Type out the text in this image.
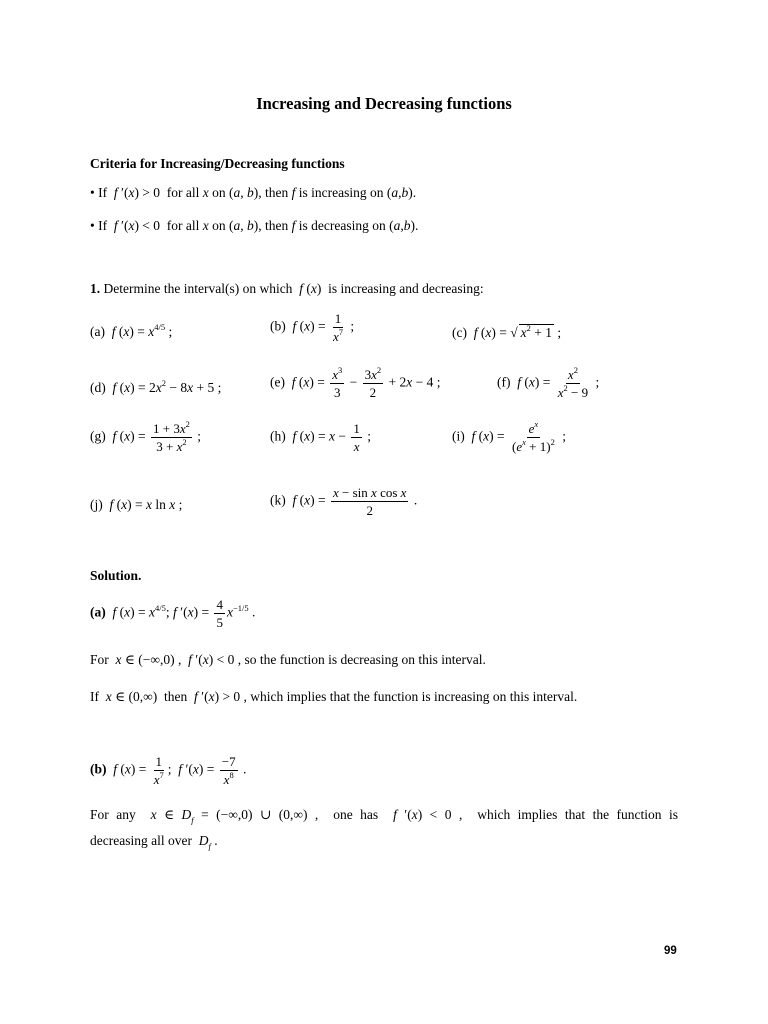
Increasing and Decreasing functions
Criteria for Increasing/Decreasing functions
• If  f ′(x) > 0  for all x on (a, b), then f is increasing on (a,b).
• If  f ′(x) < 0  for all x on (a, b), then f is decreasing on (a,b).
1. Determine the interval(s) on which  f (x)  is increasing and decreasing:
(a)  f $(x) = x^{4/5}$ ;	(b)  f $(x) = \frac{1}{x^7}$ ;	(c)  f (x) = √ $x^2 + 1$ ;
(d)  f $(x) = 2x^2 - 8x + 5$ ;	(e)  f $(x) = \frac{x^3}{3} - \frac{3x^2}{2} + 2x - 4$ ;	(f)  f $(x) = \frac{x^2}{x^2 - 9}$ ;
(g)  f $(x) = \frac{1 + 3x^2}{3 + x^2}$ ;	(h)  f $(x) = x - \frac{1}{x}$ ;	(i)  f $(x) = \frac{e^x}{(e^x + 1)^2}$ ;
(j)  f (x) = x ln x ;	(k)  f $(x) = \frac{\text{x − sin x cos x}}{2}$ .
Solution.
(a) f $(x) = x^{4/5}$; f $'(x) = \frac{4}{5} x^{-1/5}$ .
For  x ∈ (−∞,0) ,  f ′(x) < 0 , so the function is decreasing on this interval.
If  x ∈ (0,∞)  then  f ′(x) > 0 , which implies that the function is increasing on this interval.
(b) f $(x) = \frac{1}{x^7}$ ;  f $'(x) = \frac{-7}{x^8}$ .
For any  x ∈ $D_f = (-\infty,0)$ ∪ (0,∞) ,  one has  f ′(x) < 0 ,  which implies that the function is
decreasing all over  $D_f$ .
99
